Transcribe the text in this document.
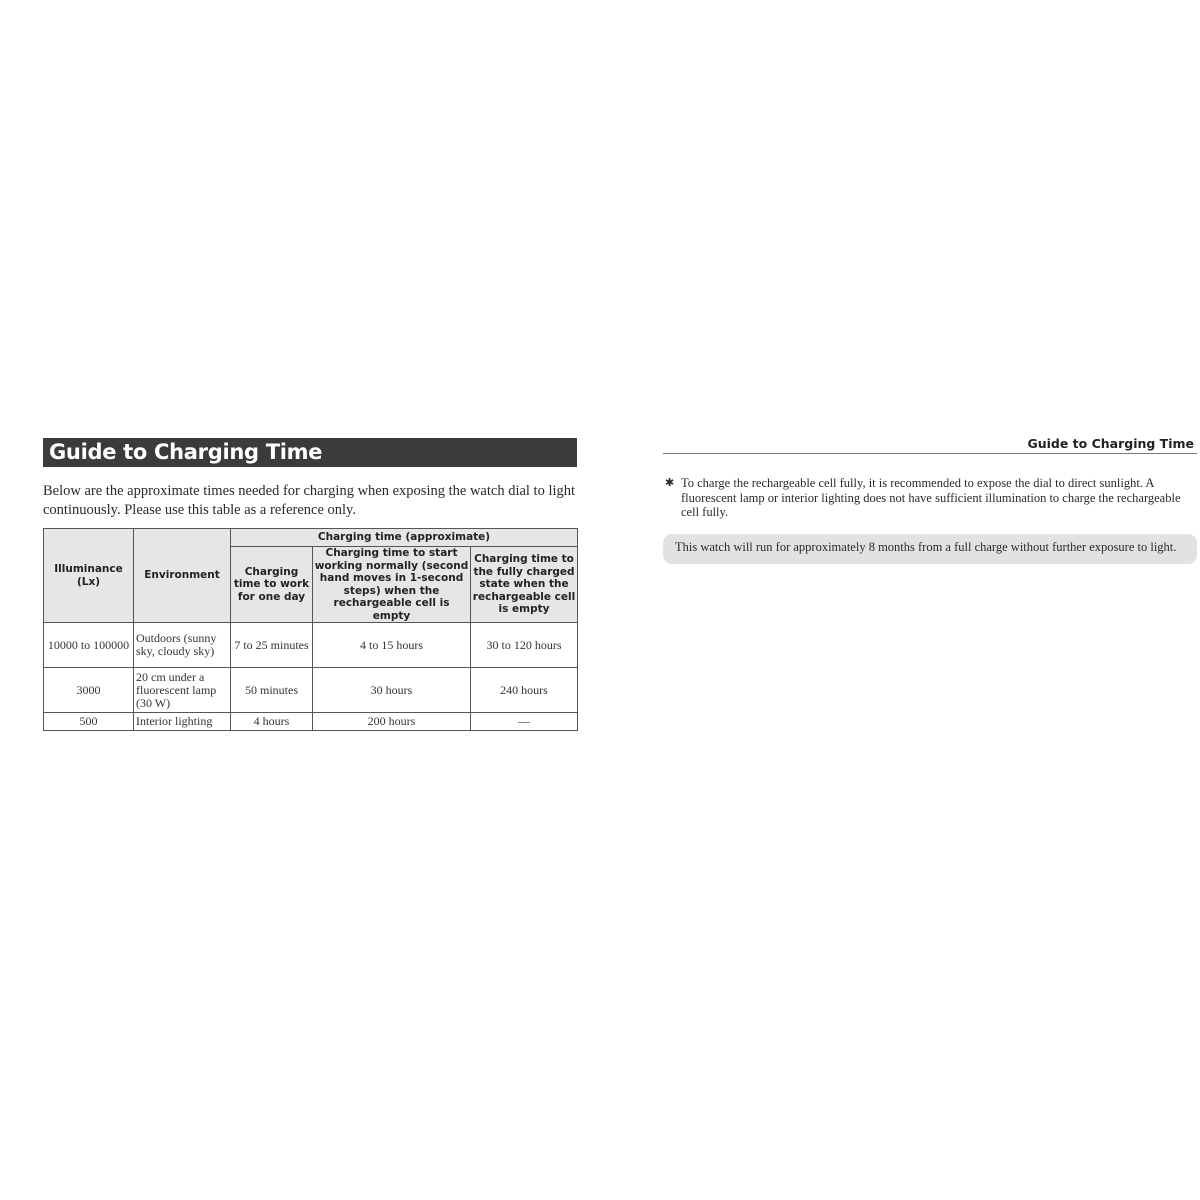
Guide to Charging Time
Below are the approximate times needed for charging when exposing the watch dial to light continuously. Please use this table as a reference only.
Illuminance (Lx)	Environment	Charging time (approximate)		
		Charging time to work for one day	Charging time to start working normally (second hand moves in 1-second steps) when the rechargeable cell is empty	Charging time to the fully charged state when the rechargeable cell is empty
10000 to 100000	Outdoors (sunny sky, cloudy sky)	7 to 25 minutes	4 to 15 hours	30 to 120 hours
3000	20 cm under a fluorescent lamp (30 W)	50 minutes	30 hours	240 hours
500	Interior lighting	4 hours	200 hours	—
Guide to Charging Time
✱ To charge the rechargeable cell fully, it is recommended to expose the dial to direct sunlight. A fluorescent lamp or interior lighting does not have sufficient illumination to charge the rechargeable cell fully.
This watch will run for approximately 8 months from a full charge without further exposure to light.
